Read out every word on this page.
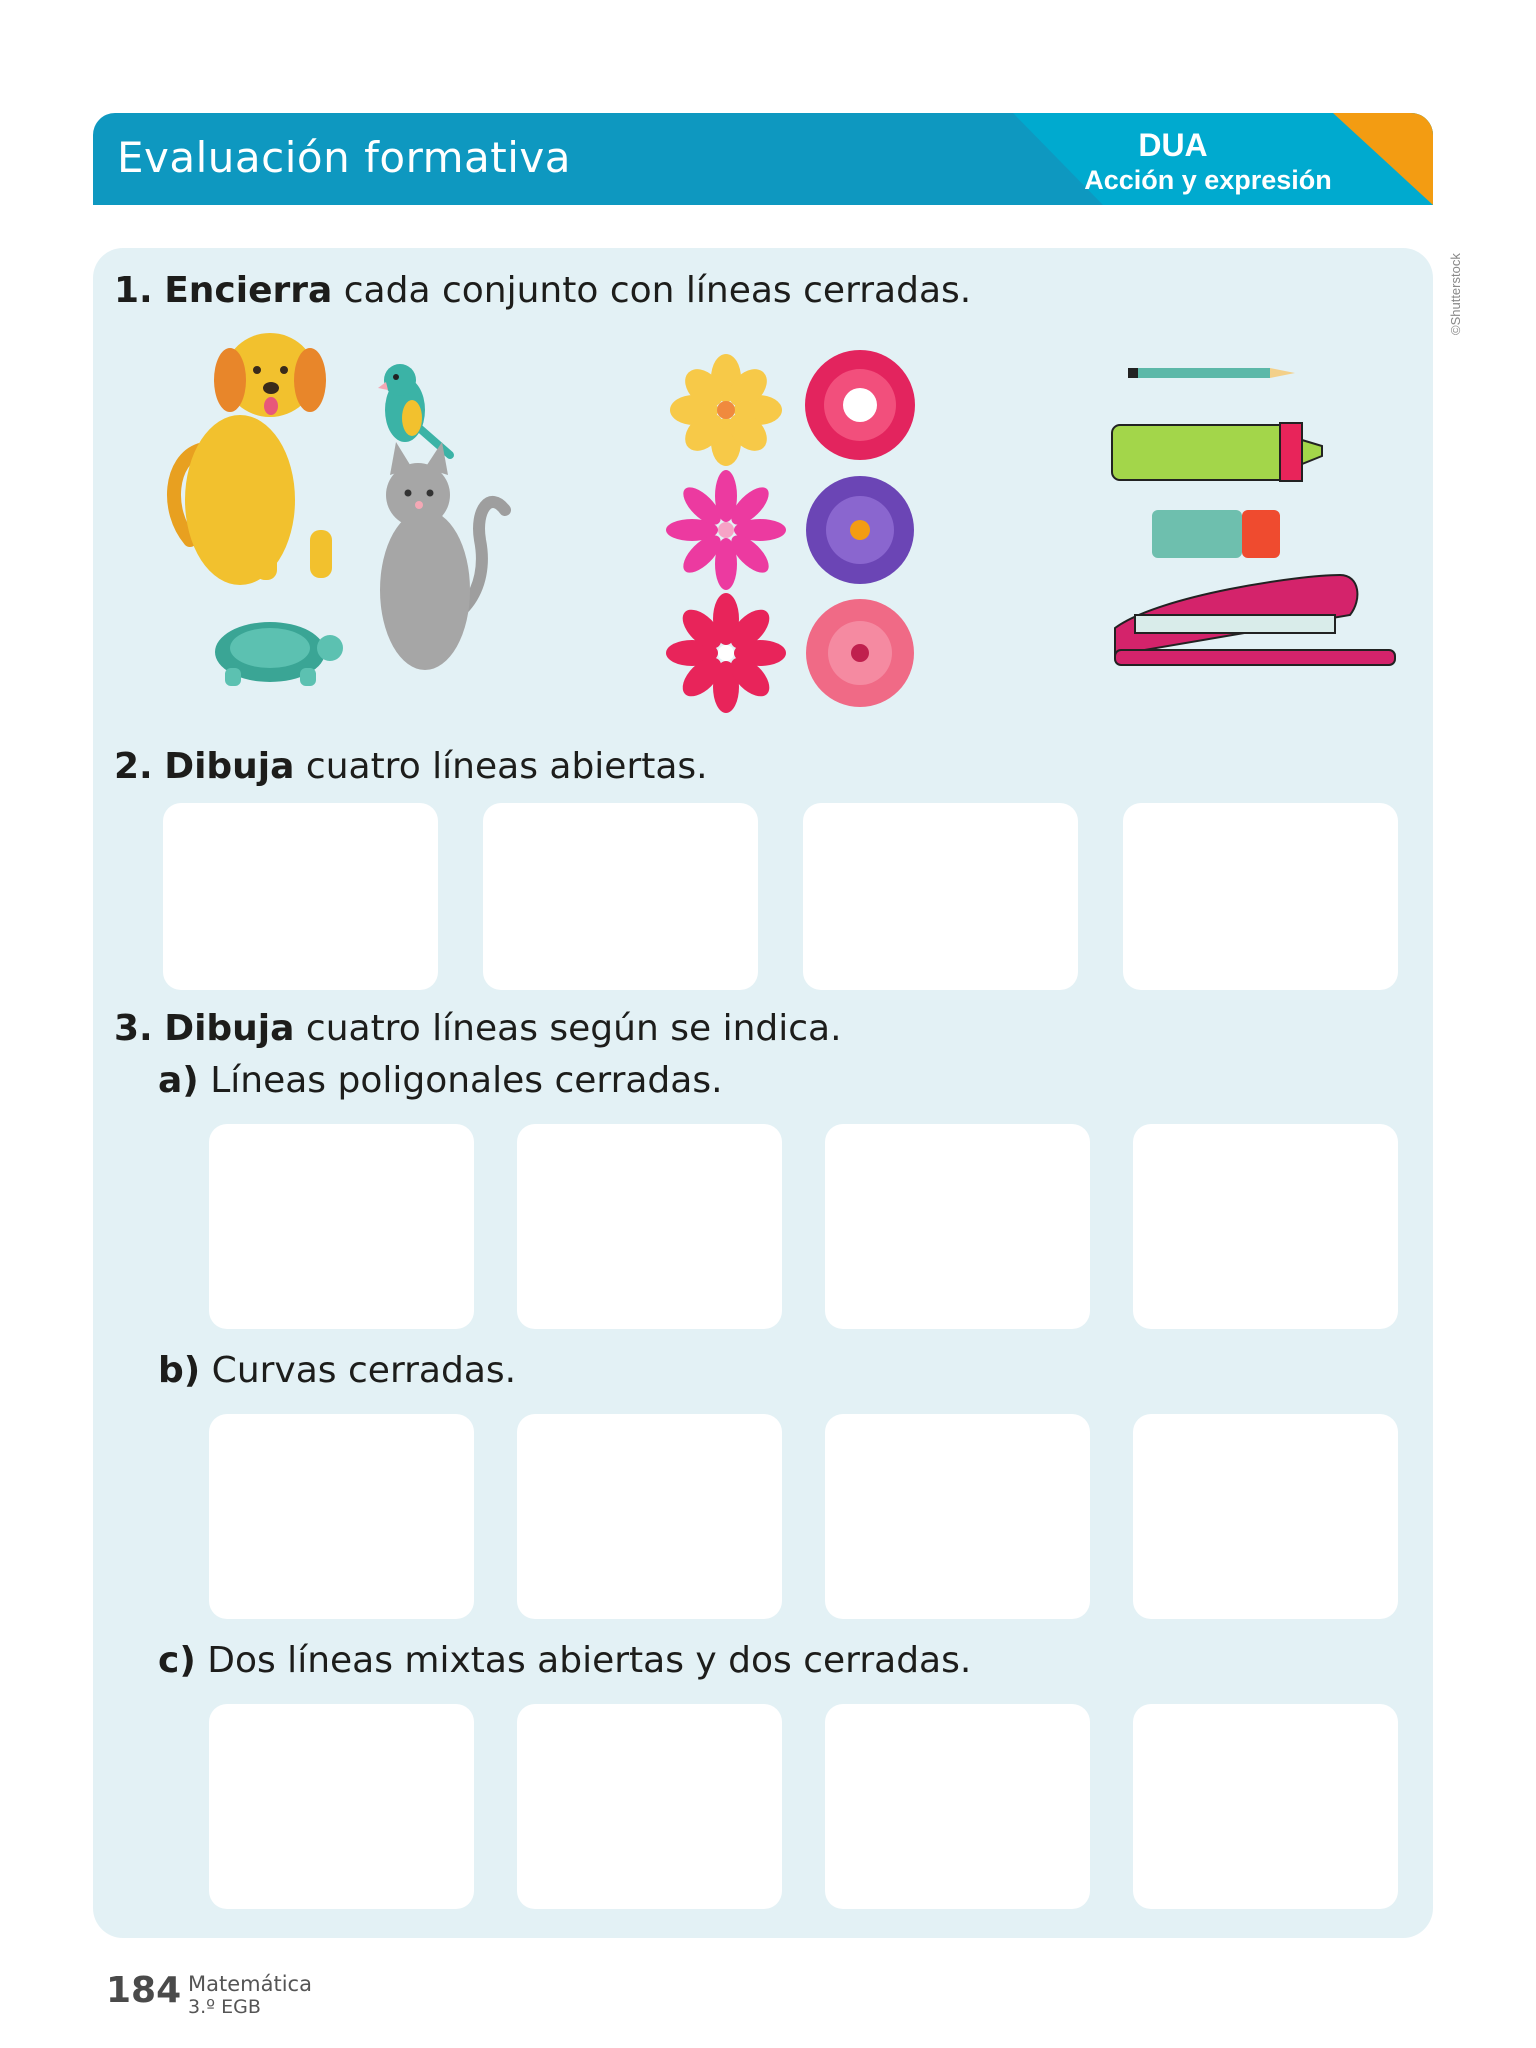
Evaluación formativa	DUA
Acción y expresión
©Shutterstock
1. Encierra cada conjunto con líneas cerradas.
2. Dibuja cuatro líneas abiertas.
3. Dibuja cuatro líneas según se indica.
a) Líneas poligonales cerradas.
b) Curvas cerradas.
c) Dos líneas mixtas abiertas y dos cerradas.
184 Matemática
3.º EGB
